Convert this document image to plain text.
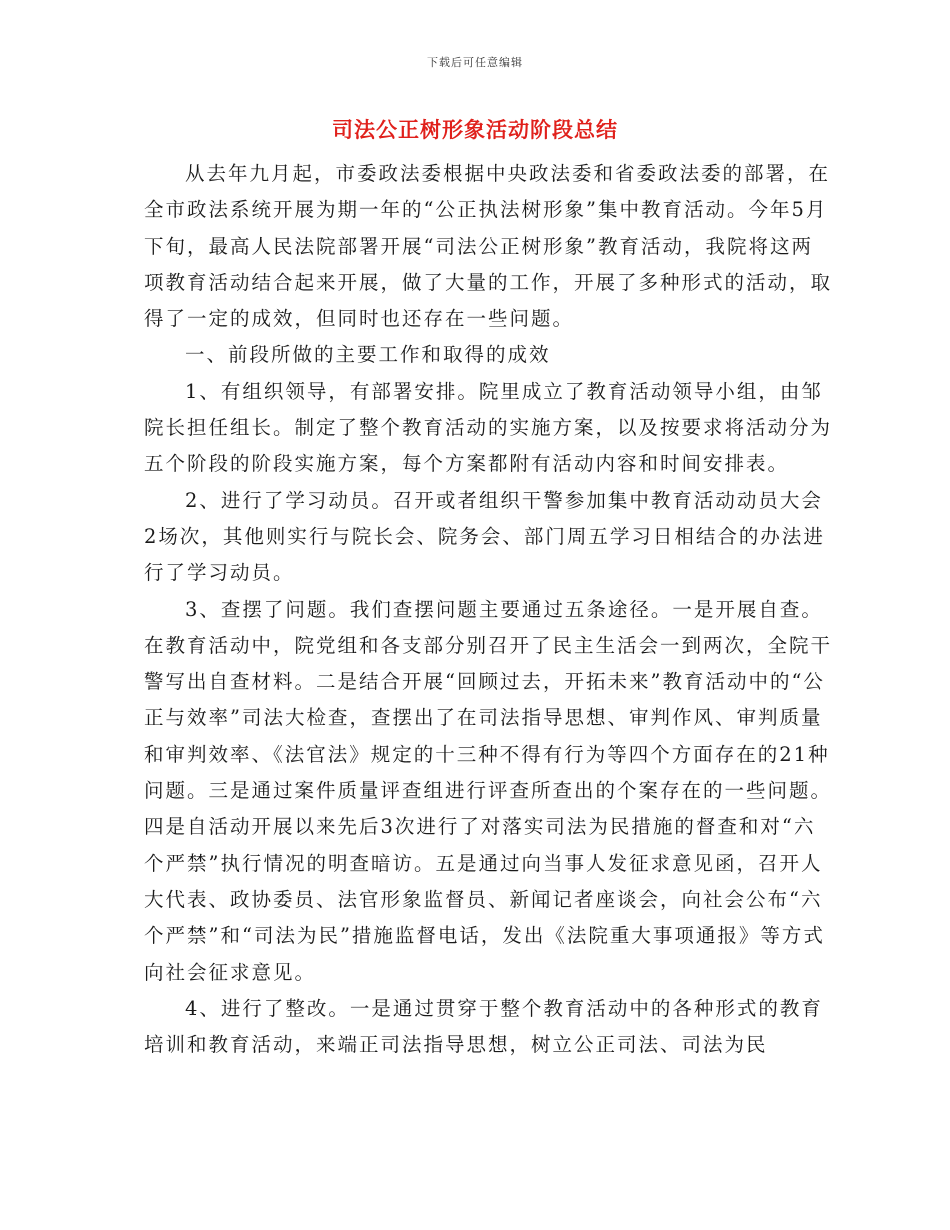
下载后可任意编辑
司法公正树形象活动阶段总结

从去年九月起，市委政法委根据中央政法委和省委政法委的部署，在全市政法系统开展为期一年的“公正执法树形象”集中教育活动。今年5月下旬，最高人民法院部署开展“司法公正树形象”教育活动，我院将这两项教育活动结合起来开展，做了大量的工作，开展了多种形式的活动，取得了一定的成效，但同时也还存在一些问题。

一、前段所做的主要工作和取得的成效

1、有组织领导，有部署安排。院里成立了教育活动领导小组，由邹院长担任组长。制定了整个教育活动的实施方案，以及按要求将活动分为五个阶段的阶段实施方案，每个方案都附有活动内容和时间安排表。

2、进行了学习动员。召开或者组织干警参加集中教育活动动员大会2场次，其他则实行与院长会、院务会、部门周五学习日相结合的办法进行了学习动员。

3、查摆了问题。我们查摆问题主要通过五条途径。一是开展自查。在教育活动中，院党组和各支部分别召开了民主生活会一到两次，全院干警写出自查材料。二是结合开展“回顾过去，开拓未来”教育活动中的“公正与效率”司法大检查，查摆出了在司法指导思想、审判作风、审判质量和审判效率、《法官法》规定的十三种不得有行为等四个方面存在的21种问题。三是通过案件质量评查组进行评查所查出的个案存在的一些问题。四是自活动开展以来先后3次进行了对落实司法为民措施的督查和对“六个严禁”执行情况的明查暗访。五是通过向当事人发征求意见函，召开人大代表、政协委员、法官形象监督员、新闻记者座谈会，向社会公布“六个严禁”和“司法为民”措施监督电话，发出《法院重大事项通报》等方式向社会征求意见。

4、进行了整改。一是通过贯穿于整个教育活动中的各种形式的教育培训和教育活动，来端正司法指导思想，树立公正司法、司法为民
